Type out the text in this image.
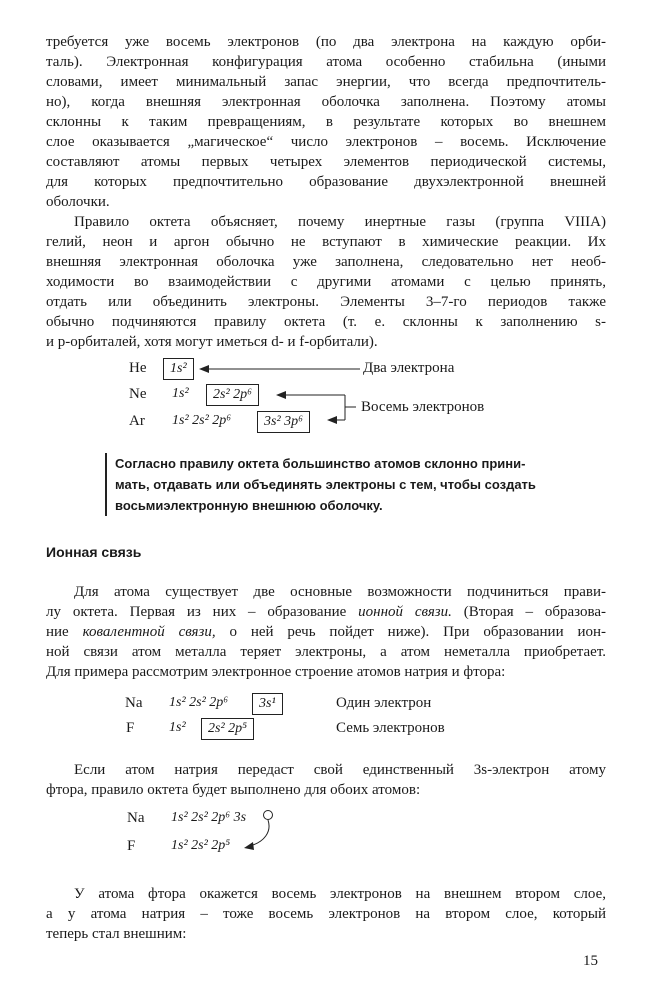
требуется уже восемь электронов (по два электрона на каждую орби-
таль). Электронная конфигурация атома особенно стабильна (иными
словами, имеет минимальный запас энергии, что всегда предпочтитель-
но), когда внешняя электронная оболочка заполнена. Поэтому атомы
склонны к таким превращениям, в результате которых во внешнем
слое оказывается „магическое“ число электронов – восемь. Исключение
составляют атомы первых четырех элементов периодической системы,
для которых предпочтительно образование двухэлектронной внешней
оболочки.
Правило октета объясняет, почему инертные газы (группа VIIIA)
гелий, неон и аргон обычно не вступают в химические реакции. Их
внешняя электронная оболочка уже заполнена, следовательно нет необ-
ходимости во взаимодействии с другими атомами с целью принять,
отдать или объединить электроны. Элементы 3–7-го периодов также
обычно подчиняются правилу октета (т. е. склонны к заполнению s-
и p-орбиталей, хотя могут иметься d- и f-орбитали).
He	1s²
Ne 1s²	2s² 2p⁶
Ar 1s² 2s² 2p⁶	3s² 3p⁶
Два электрона
Восемь электронов
Согласно правилу октета большинство атомов склонно прини-
мать, отдавать или объединять электроны с тем, чтобы создать
восьмиэлектронную внешнюю оболочку.
Ионная связь
Для атома существует две основные возможности подчиниться прави-
лу октета. Первая из них – образование ионной связи. (Вторая – образова-
ние ковалентной связи, о ней речь пойдет ниже). При образовании ион-
ной связи атом металла теряет электроны, а атом неметалла приобретает.
Для примера рассмотрим электронное строение атомов натрия и фтора:
Na 1s² 2s² 2p⁶	3s¹	Один электрон
F 1s²	2s² 2p⁵	Семь электронов
Если атом натрия передаст свой единственный 3s-электрон атому
фтора, правило октета будет выполнено для обоих атомов:
Na 1s² 2s² 2p⁶ 3s
F	1s² 2s² 2p⁵
У атома фтора окажется восемь электронов на внешнем втором слое,
а у атома натрия – тоже восемь электронов на втором слое, который
теперь стал внешним:
15
